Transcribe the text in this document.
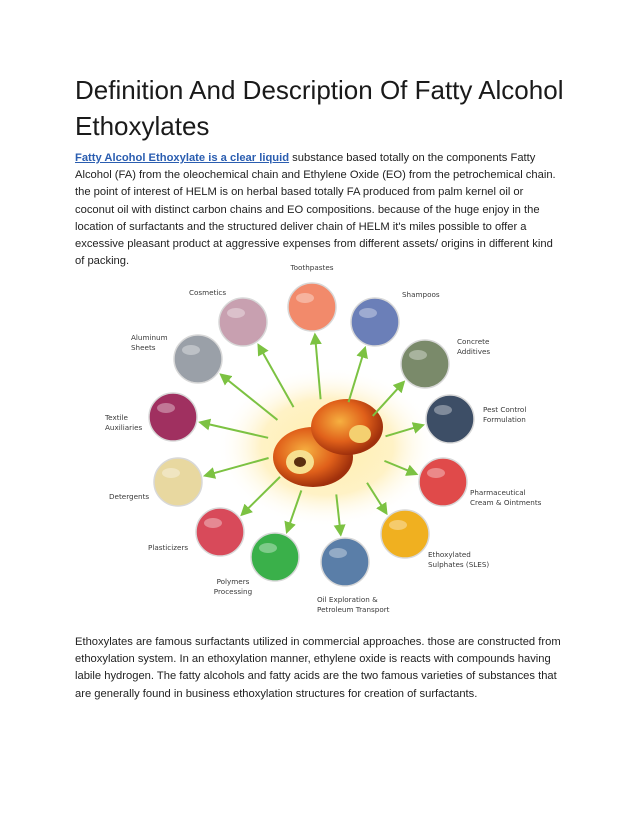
Definition And Description Of Fatty Alcohol Ethoxylates

Fatty Alcohol Ethoxylate is a clear liquid substance based totally on the components Fatty Alcohol (FA) from the oleochemical chain and Ethylene Oxide (EO) from the petrochemical chain. the point of interest of HELM is on herbal based totally FA produced from palm kernel oil or coconut oil with distinct carbon chains and EO compositions. because of the huge enjoy in the location of surfactants and the structured deliver chain of HELM it's miles possible to offer a excessive pleasant product at aggressive expenses from different assets/ origins in different kind of packing.

Toothpastes
Shampoos
Concrete Additives
Pest Control Formulation
Pharmaceutical Cream & Ointments
Ethoxylated Sulphates (SLES)
Oil Exploration & Petroleum Transport
Polymers Processing
Plasticizers
Detergents
Textile Auxiliaries
Aluminum Sheets
Cosmetics

Ethoxylates are famous surfactants utilized in commercial approaches. those are constructed from ethoxylation system. In an ethoxylation manner, ethylene oxide is reacts with compounds having labile hydrogen. The fatty alcohols and fatty acids are the two famous varieties of substances that are generally found in business ethoxylation structures for creation of surfactants.
